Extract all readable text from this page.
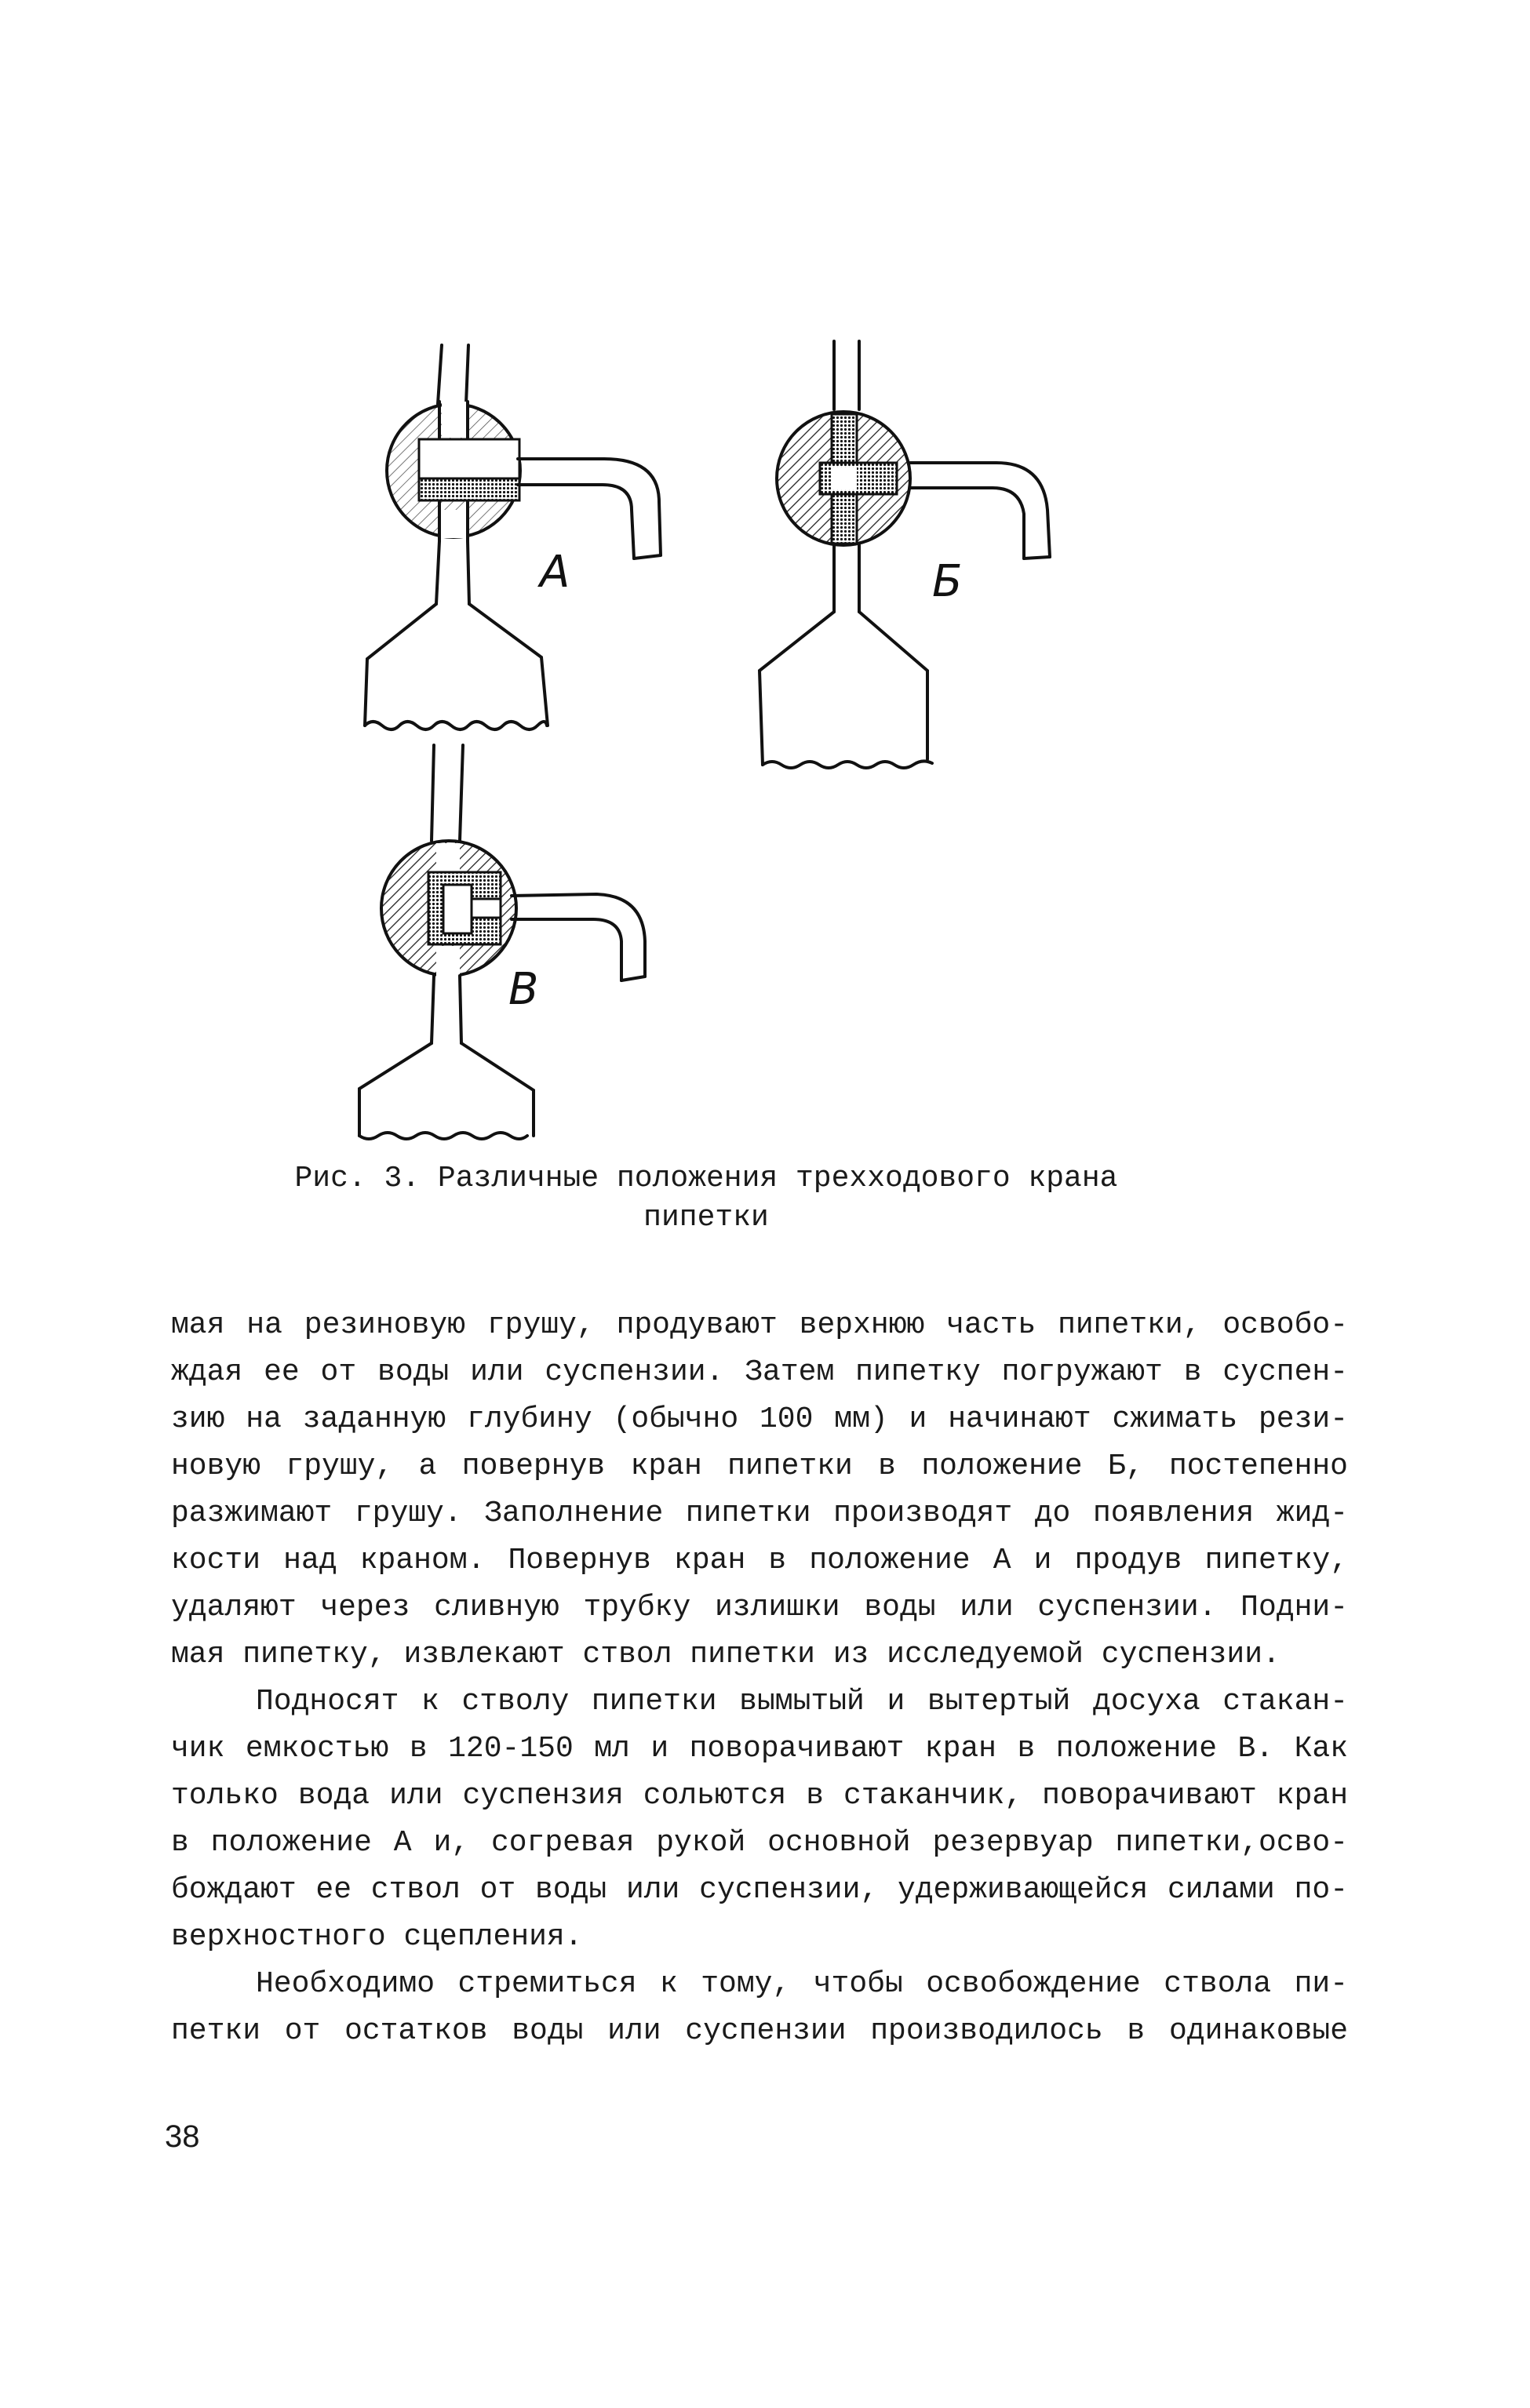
А	Б
В
Рис. 3. Различные положения трехходового крана
пипетки
мая на резиновую грушу, продувают верхнюю часть пипетки, освобо-
ждая ее от воды или суспензии. Затем пипетку погружают в суспен-
зию на заданную глубину (обычно 100 мм) и начинают сжимать рези-
новую грушу, а повернув кран пипетки в положение Б, постепенно
разжимают грушу. Заполнение пипетки производят до появления жид-
кости над краном. Повернув кран в положение А и продув пипетку,
удаляют через сливную трубку излишки воды или суспензии. Подни-
мая пипетку, извлекают ствол пипетки из исследуемой суспензии.
Подносят к стволу пипетки вымытый и вытертый досуха стакан-
чик емкостью в 120-150 мл и поворачивают кран в положение В. Как
только вода или суспензия сольются в стаканчик, поворачивают кран
в положение А и, согревая рукой основной резервуар пипетки,осво-
бождают ее ствол от воды или суспензии, удерживающейся силами по-
верхностного сцепления.
Необходимо стремиться к тому, чтобы освобождение ствола пи-
петки от остатков воды или суспензии производилось в одинаковые
38
